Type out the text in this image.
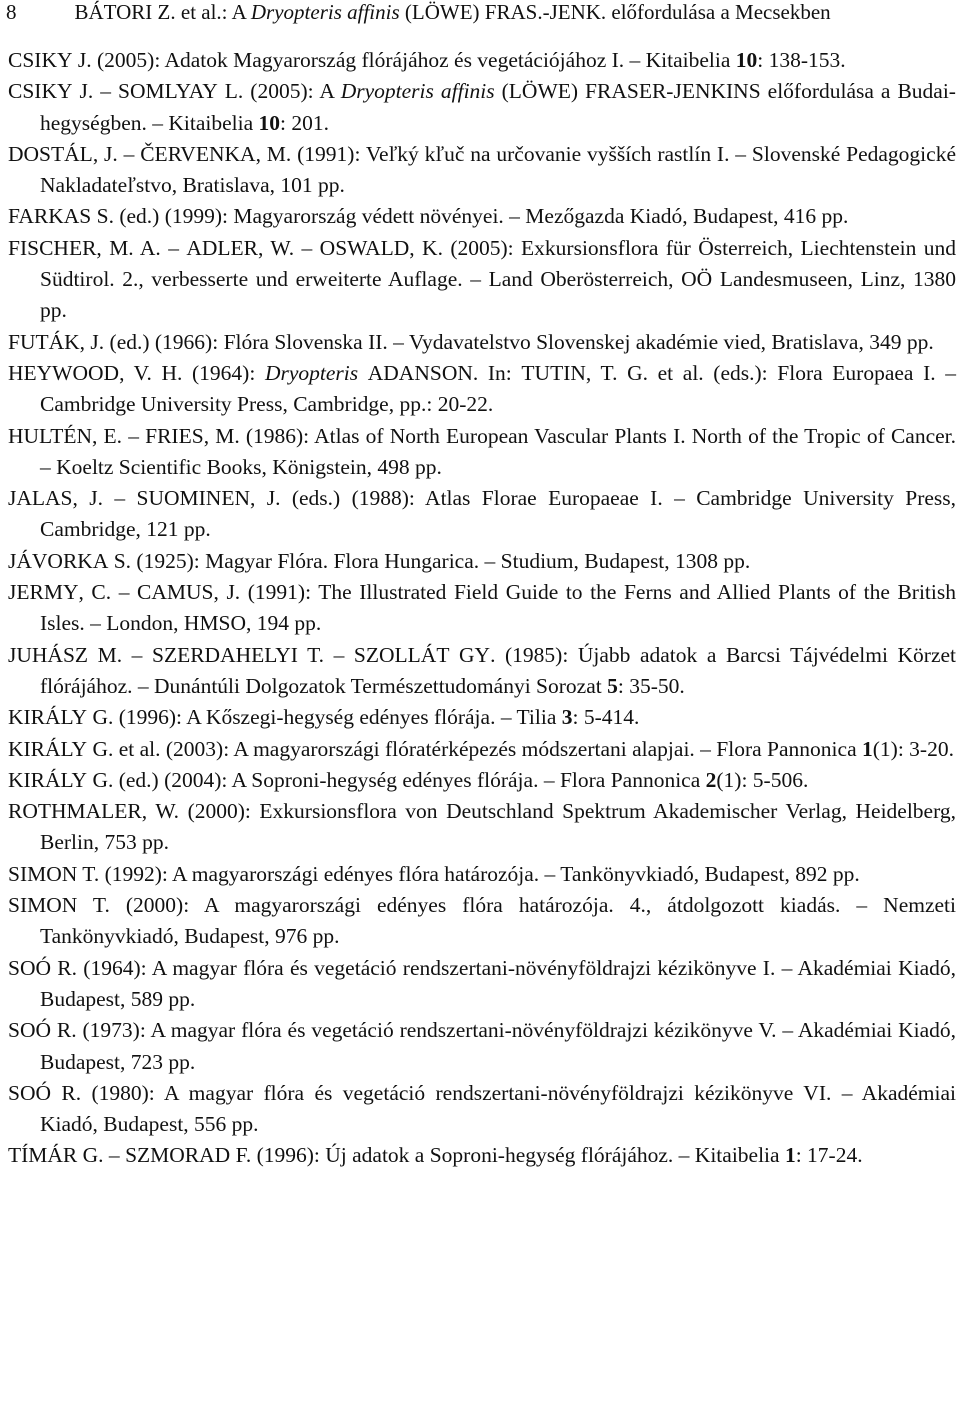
8	BÁTORI Z. et al.: A Dryopteris affinis (LÖWE) FRAS.-JENK. előfordulása a Mecsekben
CSIKY J. (2005): Adatok Magyarország flórájához és vegetációjához I. – Kitaibelia 10: 138-153.
CSIKY J. – SOMLYAY L. (2005): A Dryopteris affinis (LÖWE) FRASER-JENKINS előfordulása a Budai-hegységben. – Kitaibelia 10: 201.
DOSTÁL, J. – ČERVENKA, M. (1991): Veľký kľuč na určovanie vyšších rastlín I. – Slovenské Pedagogické Nakladateľstvo, Bratislava, 101 pp.
FARKAS S. (ed.) (1999): Magyarország védett növényei. – Mezőgazda Kiadó, Budapest, 416 pp.
FISCHER, M. A. – ADLER, W. – OSWALD, K. (2005): Exkursionsflora für Österreich, Liechtenstein und Südtirol. 2., verbesserte und erweiterte Auflage. – Land Oberösterreich, OÖ Landesmuseen, Linz, 1380 pp.
FUTÁK, J. (ed.) (1966): Flóra Slovenska II. – Vydavatelstvo Slovenskej akadémie vied, Bratislava, 349 pp.
HEYWOOD, V. H. (1964): Dryopteris ADANSON. In: TUTIN, T. G. et al. (eds.): Flora Europaea I. – Cambridge University Press, Cambridge, pp.: 20-22.
HULTÉN, E. – FRIES, M. (1986): Atlas of North European Vascular Plants I. North of the Tropic of Cancer. – Koeltz Scientific Books, Königstein, 498 pp.
JALAS, J. – SUOMINEN, J. (eds.) (1988): Atlas Florae Europaeae I. – Cambridge University Press, Cambridge, 121 pp.
JÁVORKA S. (1925): Magyar Flóra. Flora Hungarica. – Studium, Budapest, 1308 pp.
JERMY, C. – CAMUS, J. (1991): The Illustrated Field Guide to the Ferns and Allied Plants of the British Isles. – London, HMSO, 194 pp.
JUHÁSZ M. – SZERDAHELYI T. – SZOLLÁT GY. (1985): Újabb adatok a Barcsi Tájvédelmi Körzet flórájához. – Dunántúli Dolgozatok Természettudományi Sorozat 5: 35-50.
KIRÁLY G. (1996): A Kőszegi-hegység edényes flórája. – Tilia 3: 5-414.
KIRÁLY G. et al. (2003): A magyarországi flóratérképezés módszertani alapjai. – Flora Pannonica 1(1): 3-20.
KIRÁLY G. (ed.) (2004): A Soproni-hegység edényes flórája. – Flora Pannonica 2(1): 5-506.
ROTHMALER, W. (2000): Exkursionsflora von Deutschland Spektrum Akademischer Verlag, Heidelberg, Berlin, 753 pp.
SIMON T. (1992): A magyarországi edényes flóra határozója. – Tankönyvkiadó, Budapest, 892 pp.
SIMON T. (2000): A magyarországi edényes flóra határozója. 4., átdolgozott kiadás. – Nemzeti Tankönyvkiadó, Budapest, 976 pp.
SOÓ R. (1964): A magyar flóra és vegetáció rendszertani-növényföldrajzi kézikönyve I. – Akadémiai Kiadó, Budapest, 589 pp.
SOÓ R. (1973): A magyar flóra és vegetáció rendszertani-növényföldrajzi kézikönyve V. – Akadémiai Kiadó, Budapest, 723 pp.
SOÓ R. (1980): A magyar flóra és vegetáció rendszertani-növényföldrajzi kézikönyve VI. – Akadémiai Kiadó, Budapest, 556 pp.
TÍMÁR G. – SZMORAD F. (1996): Új adatok a Soproni-hegység flórájához. – Kitaibelia 1: 17-24.
